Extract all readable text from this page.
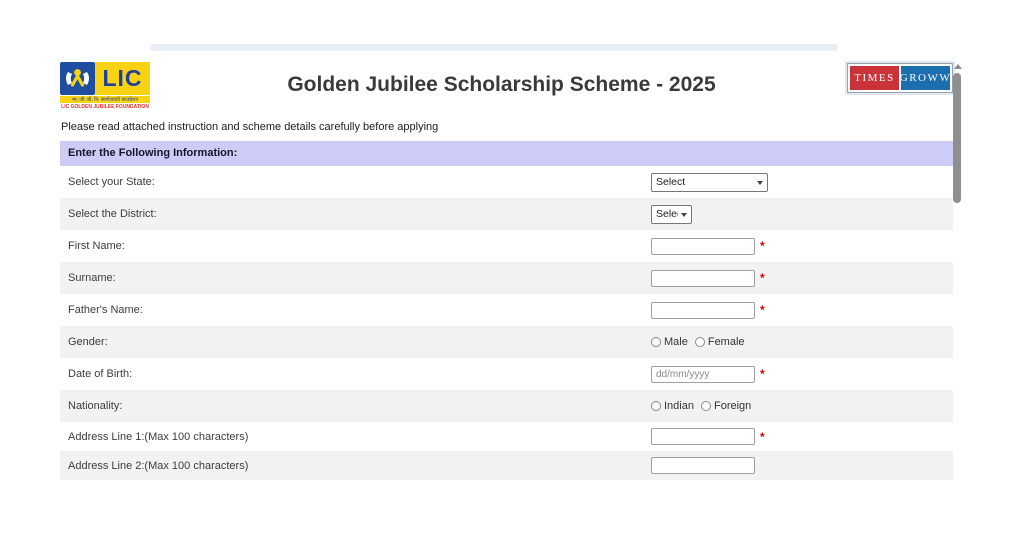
LIC
भा. जी. बी. नि. स्वर्णजयंती फाउंडेशन
LIC GOLDEN JUBILEE FOUNDATION
Golden Jubilee Scholarship Scheme - 2025	TIMES GROWW
Please read attached instruction and scheme details carefully before applying
Enter the Following Information:
Select your State:
Select
Select the District:
Select
First Name:	*
Surname:	*
Father's Name:	*
Gender:	Male Female
Date of Birth:
dd/mm/yyyy	*
Nationality:	Indian Foreign
Address Line 1:(Max 100 characters)	*
Address Line 2:(Max 100 characters)
